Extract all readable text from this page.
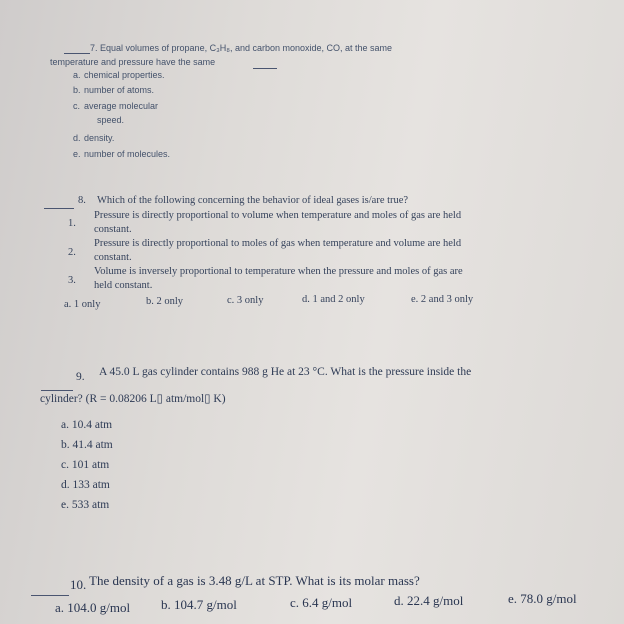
7. Equal volumes of propane, C₃H₈, and carbon monoxide, CO, at the same
temperature and pressure have the same
a. chemical properties.
b. number of atoms.
c. average molecular
speed.
d. density.
e. number of molecules.
8. Which of the following concerning the behavior of ideal gases is/are true?
1.
Pressure is directly proportional to volume when temperature and moles of gas are held
constant.
2.
Pressure is directly proportional to moles of gas when temperature and volume are held
constant.
3.
Volume is inversely proportional to temperature when the pressure and moles of gas are
held constant.
a. 1 only	b. 2 only	c. 3 only	d. 1 and 2 only	e. 2 and 3 only
9. A 45.0 L gas cylinder contains 988 g He at 23 °C. What is the pressure inside the
cylinder? (R = 0.08206 L▯ atm/mol▯ K)
a. 10.4 atm
b. 41.4 atm
c. 101 atm
d. 133 atm
e. 533 atm
10. The density of a gas is 3.48 g/L at STP. What is its molar mass?
a. 104.0 g/mol b. 104.7 g/mol	c. 6.4 g/mol	d. 22.4 g/mol	e. 78.0 g/mol
